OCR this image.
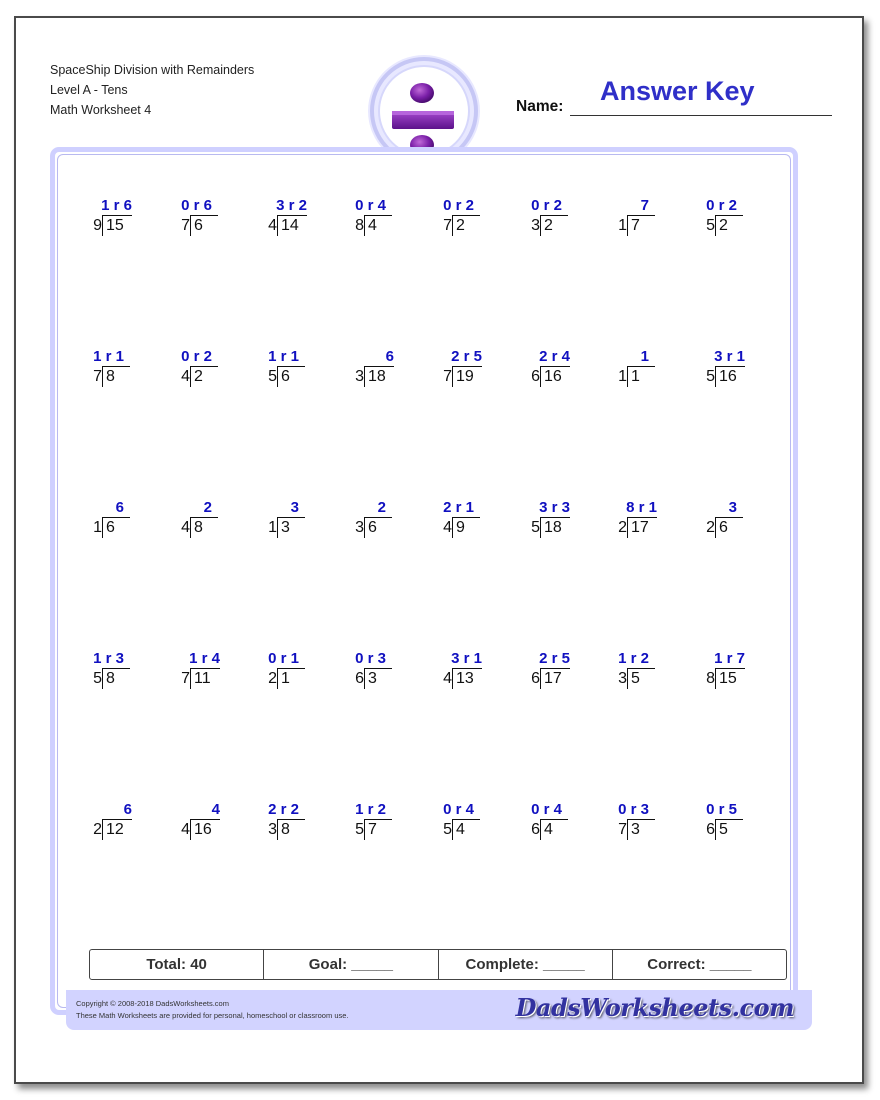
SpaceShip Division with Remainders
Level A - Tens
Math Worksheet 4	Name:
Answer Key
1 r 6
9 15
0 r 6
7 6
3 r 2
4 14
0 r 4
8 4
0 r 2
7 2
0 r 2
3 2
7
1 7
0 r 2
5 2
1 r 1
7 8
0 r 2
4 2
1 r 1
5 6
6
3 18
2 r 5
7 19
2 r 4
6 16
1
1 1
3 r 1
5 16
6
1 6
2
4 8
3
1 3
2
3 6
2 r 1
4 9
3 r 3
5 18
8 r 1
2 17
3
2 6
1 r 3
5 8
1 r 4
7 11
0 r 1
2 1
0 r 3
6 3
3 r 1
4 13
2 r 5
6 17
1 r 2
3 5
1 r 7
8 15
6
2 12
4
4 16
2 r 2
3 8
1 r 2
5 7
0 r 4
5 4
0 r 4
6 4
0 r 3
7 3
0 r 5
6 5
Total: 40	Goal: _____	Complete: _____	Correct: _____
Copyright © 2008-2018 DadsWorksheets.com
These Math Worksheets are provided for personal, homeschool or classroom use.	DadsWorksheets.com
